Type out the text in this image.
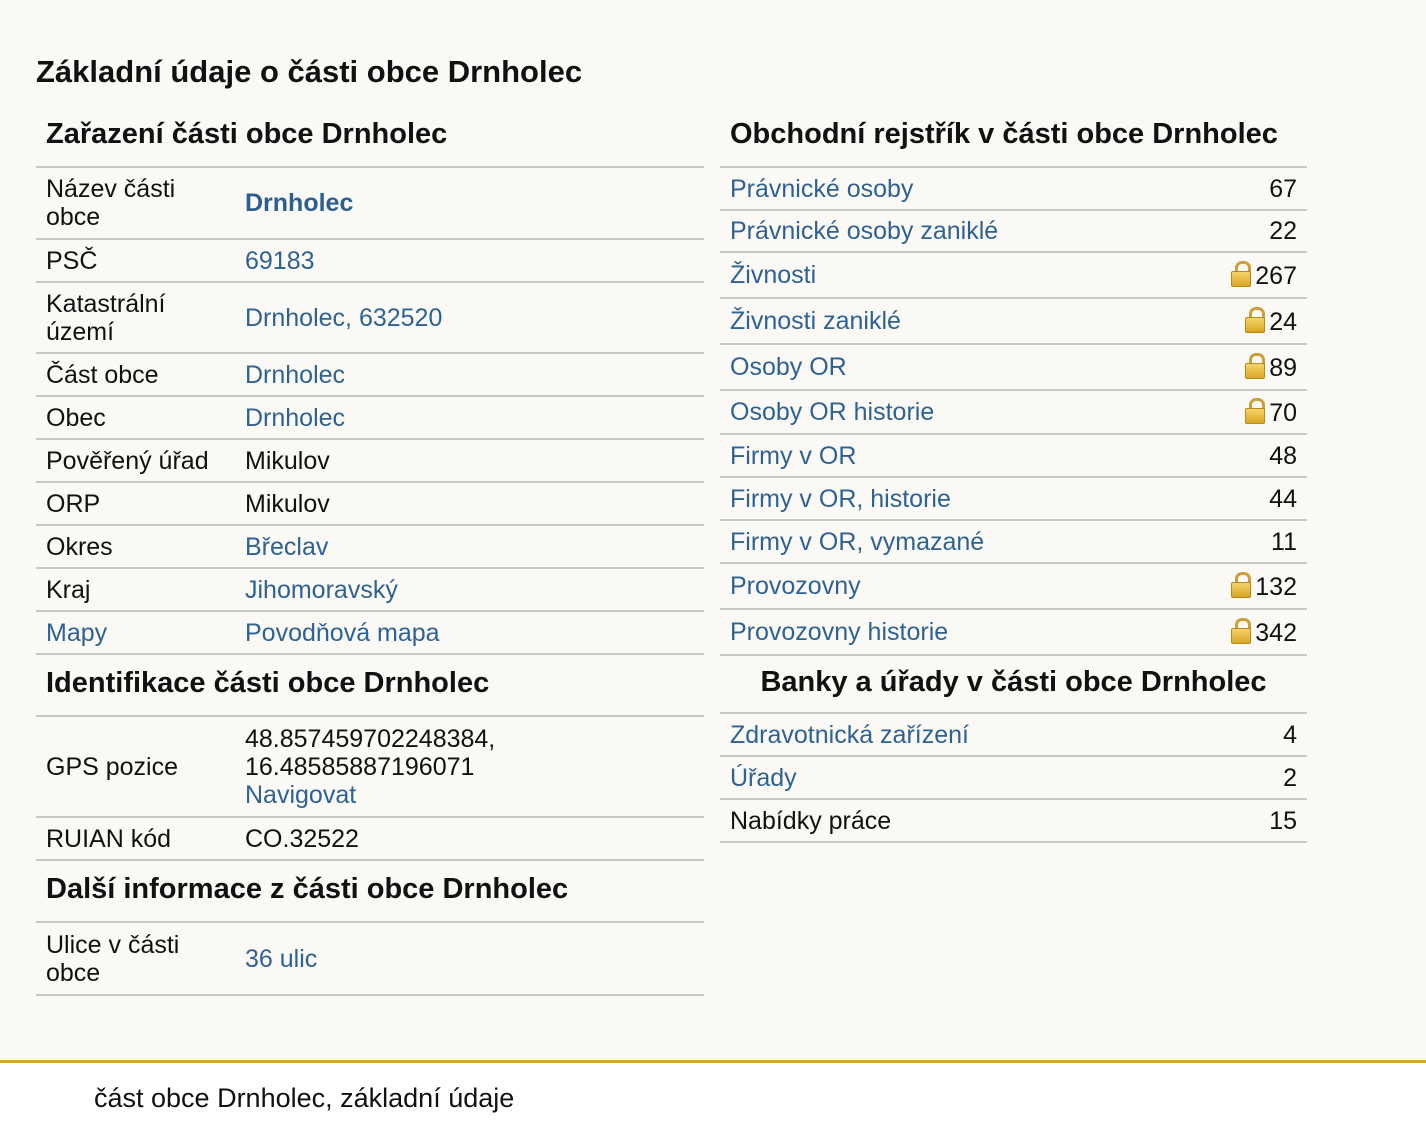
Základní údaje o části obce Drnholec
Zařazení části obce Drnholec
Název části obce	Drnholec
PSČ	69183
Katastrální území	Drnholec, 632520
Část obce	Drnholec
Obec	Drnholec
Pověřený úřad	Mikulov
ORP	Mikulov
Okres	Břeclav
Kraj	Jihomoravský
Mapy	Povodňová mapa
Identifikace části obce Drnholec
GPS pozice	48.857459702248384,
16.48585887196071
Navigovat
RUIAN kód	CO.32522
Další informace z části obce Drnholec
Ulice v části obce	36 ulic
Obchodní rejstřík v části obce Drnholec
Právnické osoby	67
Právnické osoby zaniklé	22
Živnosti	267
Živnosti zaniklé	24
Osoby OR	89
Osoby OR historie	70
Firmy v OR	48
Firmy v OR, historie	44
Firmy v OR, vymazané	11
Provozovny	132
Provozovny historie	342
Banky a úřady v části obce Drnholec
Zdravotnická zařízení	4
Úřady	2
Nabídky práce	15
část obce Drnholec, základní údaje
